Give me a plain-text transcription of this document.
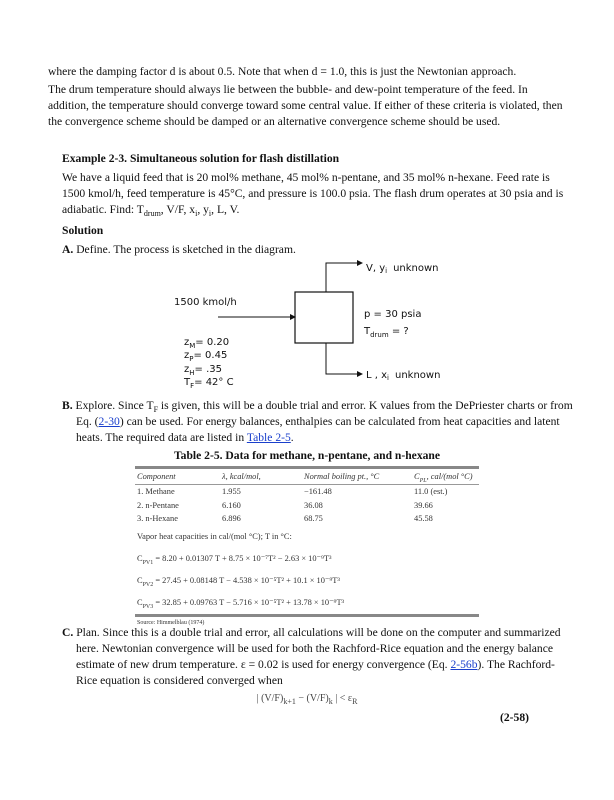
where the damping factor d is about 0.5. Note that when d = 1.0, this is just the Newtonian approach.
The drum temperature should always lie between the bubble- and dew-point temperature of the feed. In addition, the temperature should converge toward some central value. If either of these criteria is violated, then the convergence scheme should be damped or an alternative convergence scheme should be used.
Example 2-3. Simultaneous solution for flash distillation
We have a liquid feed that is 20 mol% methane, 45 mol% n-pentane, and 35 mol% n-hexane. Feed rate is 1500 kmol/h, feed temperature is 45°C, and pressure is 100.0 psia. The flash drum operates at 30 psia and is adiabatic. Find: $T_{drum}$, V/F, $x_i$, $y_i$, L, V.
Solution
A. Define. The process is sketched in the diagram.
1500 kmol/h
V, $y_i$ unknown
p = 30 psia
$T_{drum}$ = ?
L , $x_i$ unknown
$z_M= 0.20$
$z_P= 0.45$
$z_H= .35$
$T_F= 42^\circ$ C
B. Explore. Since $T_F$ is given, this will be a double trial and error. K values from the DePriester charts or from Eq. (2-30) can be used. For energy balances, enthalpies can be calculated from heat capacities and latent heats. The required data are listed in Table 2-5.
Table 2-5. Data for methane, n-pentane, and n-hexane
Component	λ, kcal/mol,	Normal boiling pt., °C	$C_{PL}$, cal/(mol °C)
1. Methane	1.955	−161.48	11.0 (est.)
2. n-Pentane	6.160	36.08	39.66
3. n-Hexane	6.896	68.75	45.58
Vapor heat capacities in cal/(mol °C); T in °C:
$C_{PV1} = 8.20 + 0.01307$ T + 8.75 × 10⁻⁷T² − 2.63 × 10⁻⁹T³
$C_{PV2} = 27.45 + 0.08148$ T − 4.538 × 10⁻⁵T² + 10.1 × 10⁻⁹T³
$C_{PV3} = 32.85 + 0.09763$ T − 5.716 × 10⁻⁵T² + 13.78 × 10⁻⁹T³
Source: Himmelblau (1974)
C. Plan. Since this is a double trial and error, all calculations will be done on the computer and summarized here. Newtonian convergence will be used for both the Rachford-Rice equation and the energy balance estimate of new drum temperature. ε = 0.02 is used for energy convergence (Eq. 2-56b). The Rachford-Rice equation is considered converged when
| $(V/F)_{k+1} - (V/F)_k$ | < $\varepsilon_R$
(2-58)
